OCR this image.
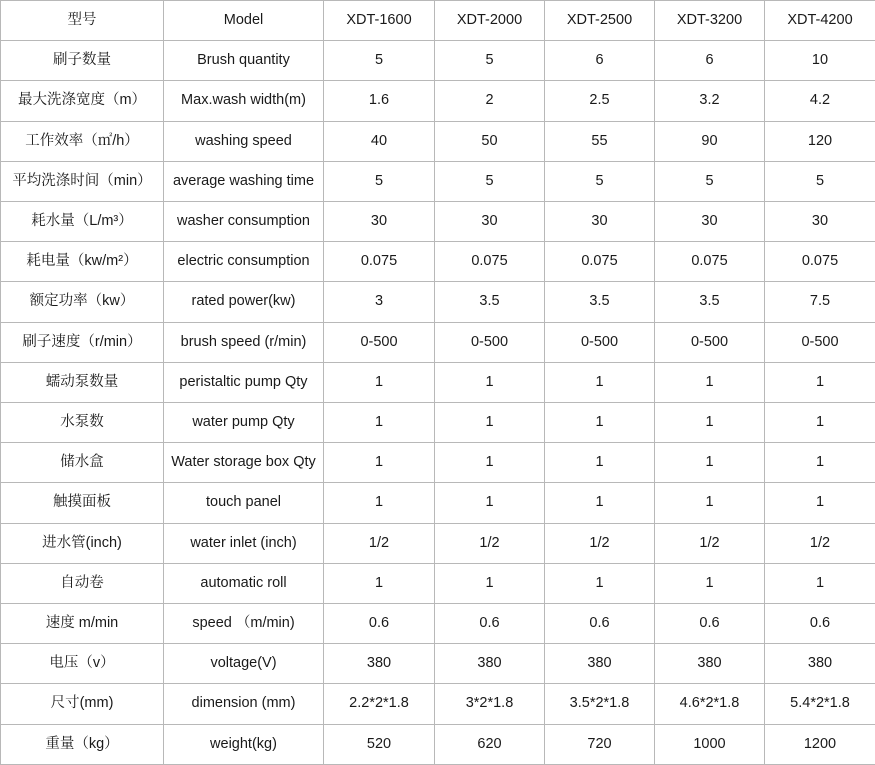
型号	Model	XDT-1600	XDT-2000	XDT-2500	XDT-3200	XDT-4200
刷子数量	Brush quantity	5	5	6	6	10
最大洗涤宽度（m）	Max.wash width(m)	1.6	2	2.5	3.2	4.2
工作效率（㎡/h）	washing speed	40	50	55	90	120
平均洗涤时间（min）	average washing time	5	5	5	5	5
耗水量（L/m³）	washer consumption	30	30	30	30	30
耗电量（kw/m²）	electric consumption	0.075	0.075	0.075	0.075	0.075
额定功率（kw）	rated power(kw)	3	3.5	3.5	3.5	7.5
刷子速度（r/min）	brush speed (r/min)	0-500	0-500	0-500	0-500	0-500
蠕动泵数量	peristaltic pump Qty	1	1	1	1	1
水泵数	water pump Qty	1	1	1	1	1
储水盒	Water storage box Qty	1	1	1	1	1
触摸面板	touch panel	1	1	1	1	1
进水管(inch)	water inlet (inch)	1/2	1/2	1/2	1/2	1/2
自动卷	automatic roll	1	1	1	1	1
速度 m/min	speed （m/min)	0.6	0.6	0.6	0.6	0.6
电压（v）	voltage(V)	380	380	380	380	380
尺寸(mm)	dimension (mm)	2.2*2*1.8	3*2*1.8	3.5*2*1.8	4.6*2*1.8	5.4*2*1.8
重量（kg）	weight(kg)	520	620	720	1000	1200
